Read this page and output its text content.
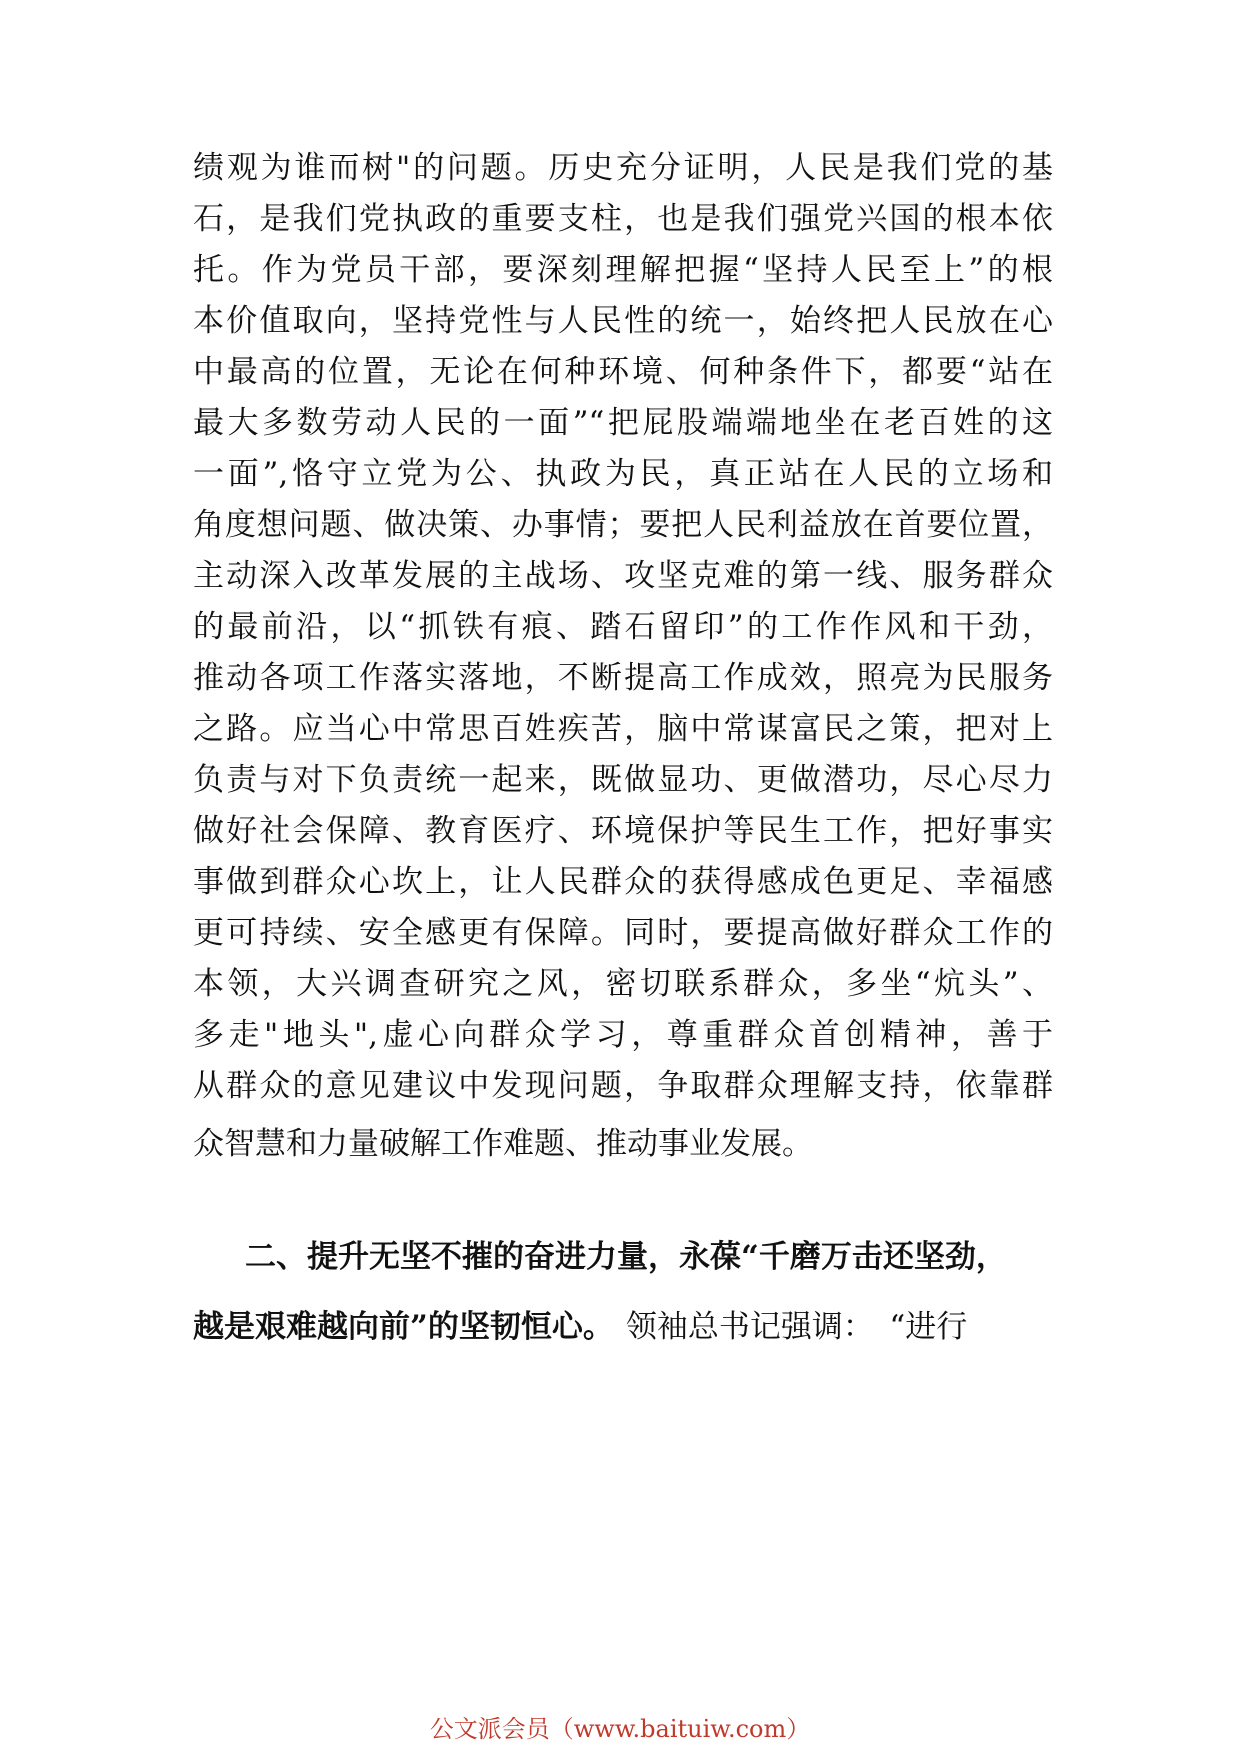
绩观为谁而树"的问题。历史充分证明，人民是我们党的基
石，是我们党执政的重要支柱，也是我们强党兴国的根本依
托。作为党员干部，要深刻理解把握“坚持人民至上”的根
本价值取向，坚持党性与人民性的统一，始终把人民放在心
中最高的位置，无论在何种环境、何种条件下，都要“站在
最大多数劳动人民的一面”“把屁股端端地坐在老百姓的这
一面”,恪守立党为公、执政为民，真正站在人民的立场和
角度想问题、做决策、办事情；要把人民利益放在首要位置，
主动深入改革发展的主战场、攻坚克难的第一线、服务群众
的最前沿，以“抓铁有痕、踏石留印”的工作作风和干劲，
推动各项工作落实落地，不断提高工作成效，照亮为民服务
之路。应当心中常思百姓疾苦，脑中常谋富民之策，把对上
负责与对下负责统一起来，既做显功、更做潜功，尽心尽力
做好社会保障、教育医疗、环境保护等民生工作，把好事实
事做到群众心坎上，让人民群众的获得感成色更足、幸福感
更可持续、安全感更有保障。同时，要提高做好群众工作的
本领，大兴调查研究之风，密切联系群众，多坐“炕头”、
多走"地头",虚心向群众学习，尊重群众首创精神，善于
从群众的意见建议中发现问题，争取群众理解支持，依靠群
众智慧和力量破解工作难题、推动事业发展。
二、提升无坚不摧的奋进力量，永葆“千磨万击还坚劲，
越是艰难越向前”的坚韧恒心。 领袖总书记强调：　“进行
公文派会员（www.baituiw.com）
